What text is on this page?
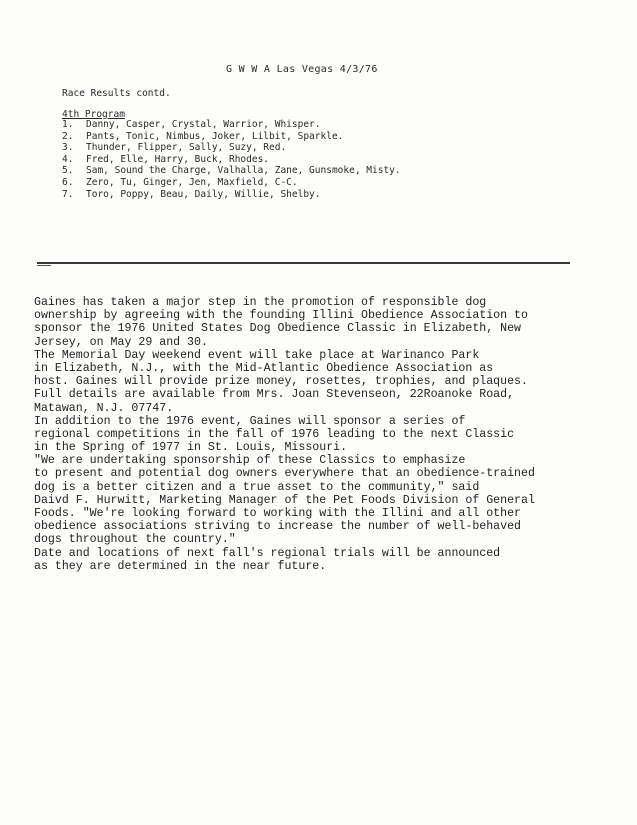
G W W A Las Vegas 4/3/76
Race Results contd.
4th Program
1. Danny, Casper, Crystal, Warrior, Whisper.
2. Pants, Tonic, Nimbus, Joker, Lilbit, Sparkle.
3. Thunder, Flipper, Sally, Suzy, Red.
4. Fred, Elle, Harry, Buck, Rhodes.
5. Sam, Sound the Charge, Valhalla, Zane, Gunsmoke, Misty.
6. Zero, Tu, Ginger, Jen, Maxfield, C-C.
7. Toro, Poppy, Beau, Daily, Willie, Shelby.
Gaines has taken a major step in the promotion of responsible dog
ownership by agreeing with the founding Illini Obedience Association to
sponsor the 1976 United States Dog Obedience Classic in Elizabeth, New
Jersey, on May 29 and 30.
The Memorial Day weekend event will take place at Warinanco Park
in Elizabeth, N.J., with the Mid-Atlantic Obedience Association as
host. Gaines will provide prize money, rosettes, trophies, and plaques.
Full details are available from Mrs. Joan Stevenseon, 22Roanoke Road,
Matawan, N.J. 07747.
In addition to the 1976 event, Gaines will sponsor a series of
regional competitions in the fall of 1976 leading to the next Classic
in the Spring of 1977 in St. Louis, Missouri.
"We are undertaking sponsorship of these Classics to emphasize
to present and potential dog owners everywhere that an obedience-trained
dog is a better citizen and a true asset to the community," said
Daivd F. Hurwitt, Marketing Manager of the Pet Foods Division of General
Foods. "We're looking forward to working with the Illini and all other
obedience associations striving to increase the number of well-behaved
dogs throughout the country."
Date and locations of next fall's regional trials will be announced
as they are determined in the near future.
